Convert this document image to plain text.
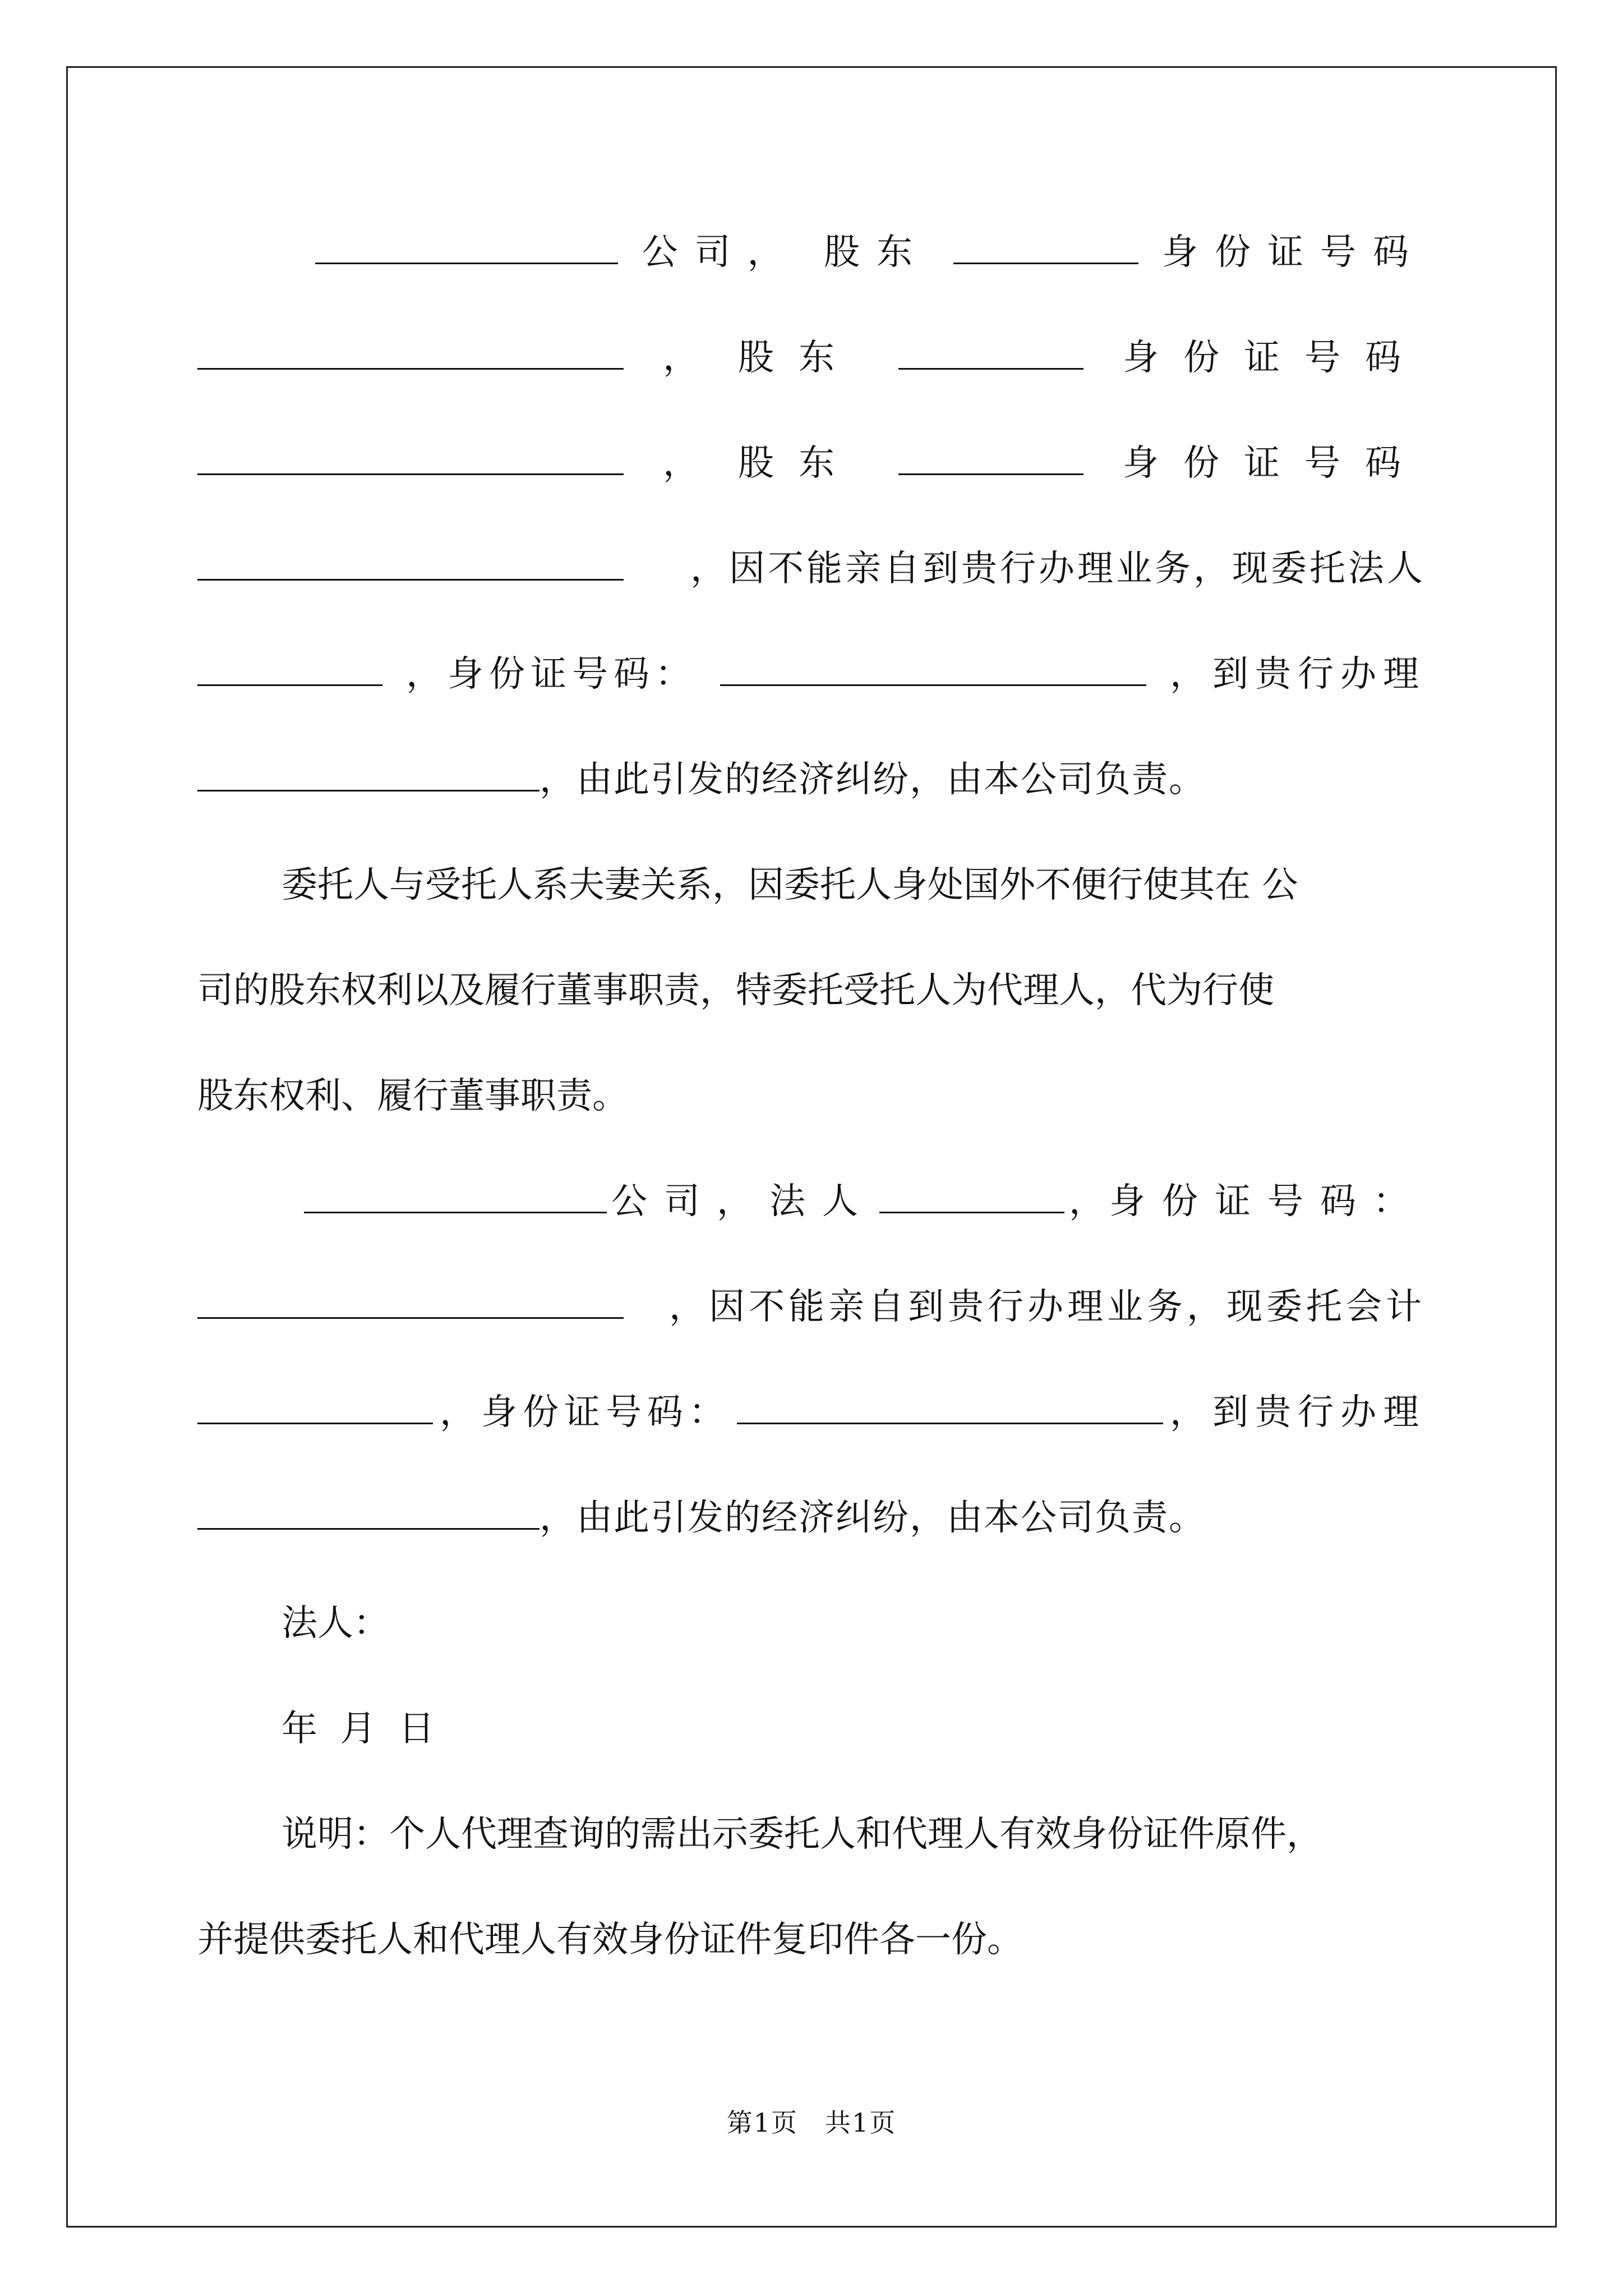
公司， 股东	身份证号码
， 股东	身份证号码
， 股东	身份证号码
，因不能亲自到贵行办理业务，现委托法人
，身份证号码：	，到贵行办理
，由此引发的经济纠纷，由本公司负责。
委托人与受托人系夫妻关系，因委托人身处国外不便行使其在 公
司的股东权利以及履行董事职责，特委托受托人为代理人，代为行使
股东权利、履行董事职责。
公司，法人	， 身份证号码：
，因不能亲自到贵行办理业务，现委托会计
，身份证号码：	，到贵行办理
，由此引发的经济纠纷，由本公司负责。
法人：
年 月 日
说明：个人代理查询的需出示委托人和代理人有效身份证件原件，
并提供委托人和代理人有效身份证件复印件各一份。
第1页　共1页
